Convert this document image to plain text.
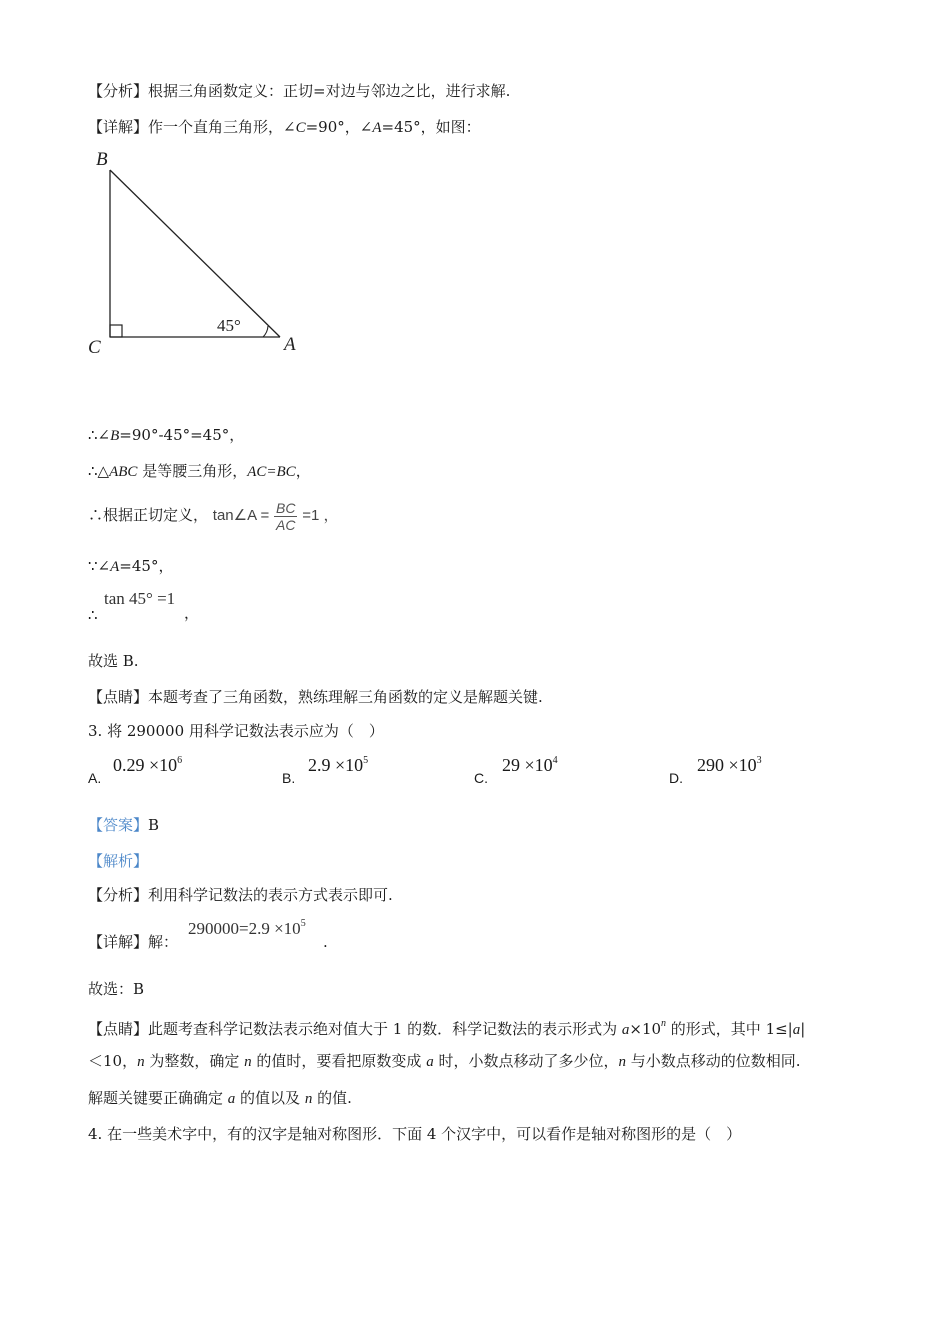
【分析】根据三角函数定义：正切=对边与邻边之比，进行求解.
【详解】作一个直角三角形，∠C=90°，∠A=45°，如图：
B
C	A
45°
∴∠B=90°-45°=45°，
∴△ABC 是等腰三角形，AC=BC，
∴根据正切定义， tan∠A = $\frac{BC}{AC} =1$ ，
∵∠A=45°，
∴
tan 45° =1
，
故选 B.
【点睛】本题考查了三角函数，熟练理解三角函数的定义是解题关键.
3. 将 290000 用科学记数法表示应为（　）
A.
$0.29 \times 10^6$
B.
$2.9 \times 10^5$
C.
$29 \times 10^4$
D.
$290 \times 10^3$
【答案】B
【解析】
【分析】利用科学记数法的表示方式表示即可.
【详解】解：
$290000=2.9 \times 10^5$
.
故选：B
【点睛】此题考查科学记数法表示绝对值大于 1 的数．科学记数法的表示形式为 $a\times 10^n$ 的形式，其中 1≤|a|
＜10，n 为整数，确定 n 的值时，要看把原数变成 a 时，小数点移动了多少位，n 与小数点移动的位数相同.
解题关键要正确确定 a 的值以及 n 的值.
4. 在一些美术字中，有的汉字是轴对称图形．下面 4 个汉字中，可以看作是轴对称图形的是（　）
